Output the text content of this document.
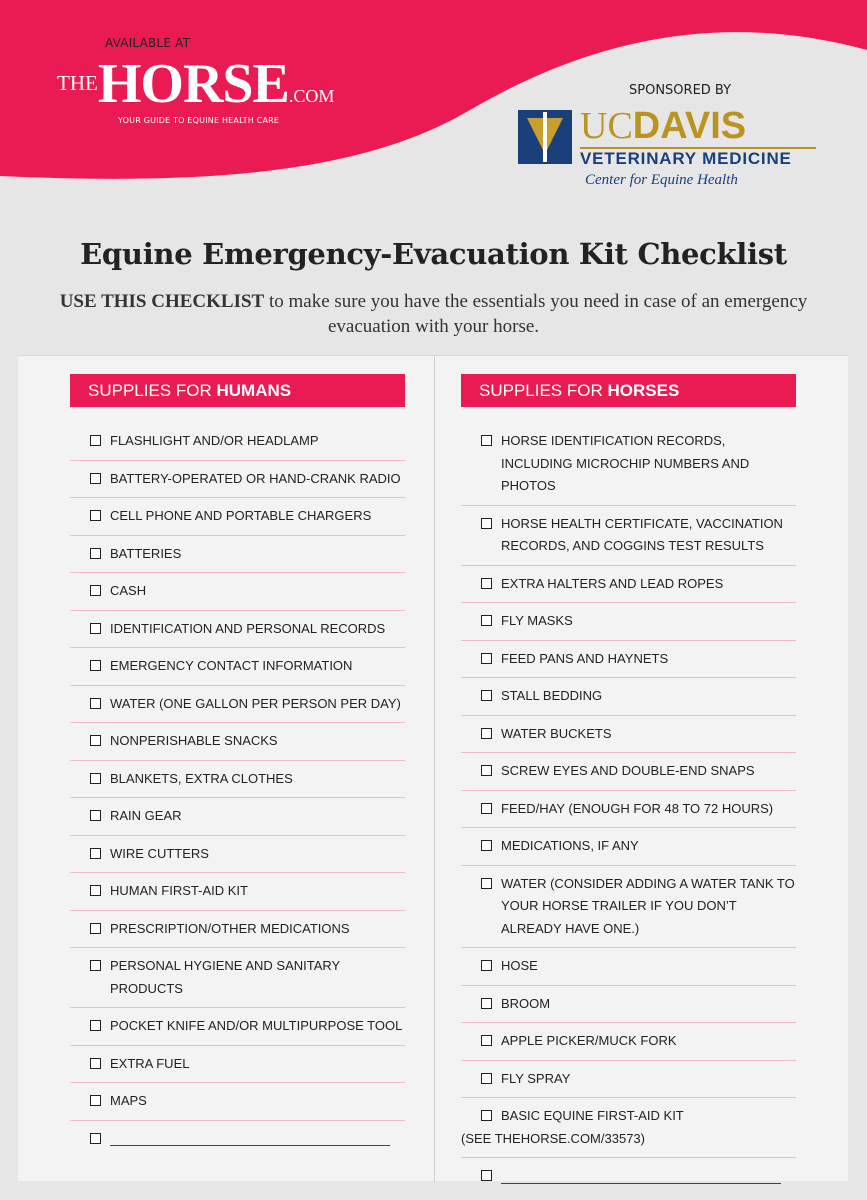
AVAILABLE AT
THEHORSE.COM
YOUR GUIDE TO EQUINE HEALTH CARE
SPONSORED BY
UCDAVIS
VETERINARY MEDICINE
Center for Equine Health
Equine Emergency-Evacuation Kit Checklist

USE THIS CHECKLIST to make sure you have the essentials you need in case of an emergency evacuation with your horse.

SUPPLIES FOR HUMANS
FLASHLIGHT AND/OR HEADLAMP
BATTERY-OPERATED OR HAND-CRANK RADIO
CELL PHONE AND PORTABLE CHARGERS
BATTERIES
CASH
IDENTIFICATION AND PERSONAL RECORDS
EMERGENCY CONTACT INFORMATION
WATER (ONE GALLON PER PERSON PER DAY)
NONPERISHABLE SNACKS
BLANKETS, EXTRA CLOTHES
RAIN GEAR
WIRE CUTTERS
HUMAN FIRST-AID KIT
PRESCRIPTION/OTHER MEDICATIONS
PERSONAL HYGIENE AND SANITARY PRODUCTS
POCKET KNIFE AND/OR MULTIPURPOSE TOOL
EXTRA FUEL
MAPS
SUPPLIES FOR HORSES
HORSE IDENTIFICATION RECORDS, INCLUDING MICROCHIP NUMBERS AND PHOTOS
HORSE HEALTH CERTIFICATE, VACCINATION RECORDS, AND COGGINS TEST RESULTS
EXTRA HALTERS AND LEAD ROPES
FLY MASKS
FEED PANS AND HAYNETS
STALL BEDDING
WATER BUCKETS
SCREW EYES AND DOUBLE-END SNAPS
FEED/HAY (ENOUGH FOR 48 TO 72 HOURS)
MEDICATIONS, IF ANY
WATER (CONSIDER ADDING A WATER TANK TO YOUR HORSE TRAILER IF YOU DON’T ALREADY HAVE ONE.)
HOSE
BROOM
APPLE PICKER/MUCK FORK
FLY SPRAY
BASIC EQUINE FIRST-AID KIT
(SEE THEHORSE.COM/33573)
